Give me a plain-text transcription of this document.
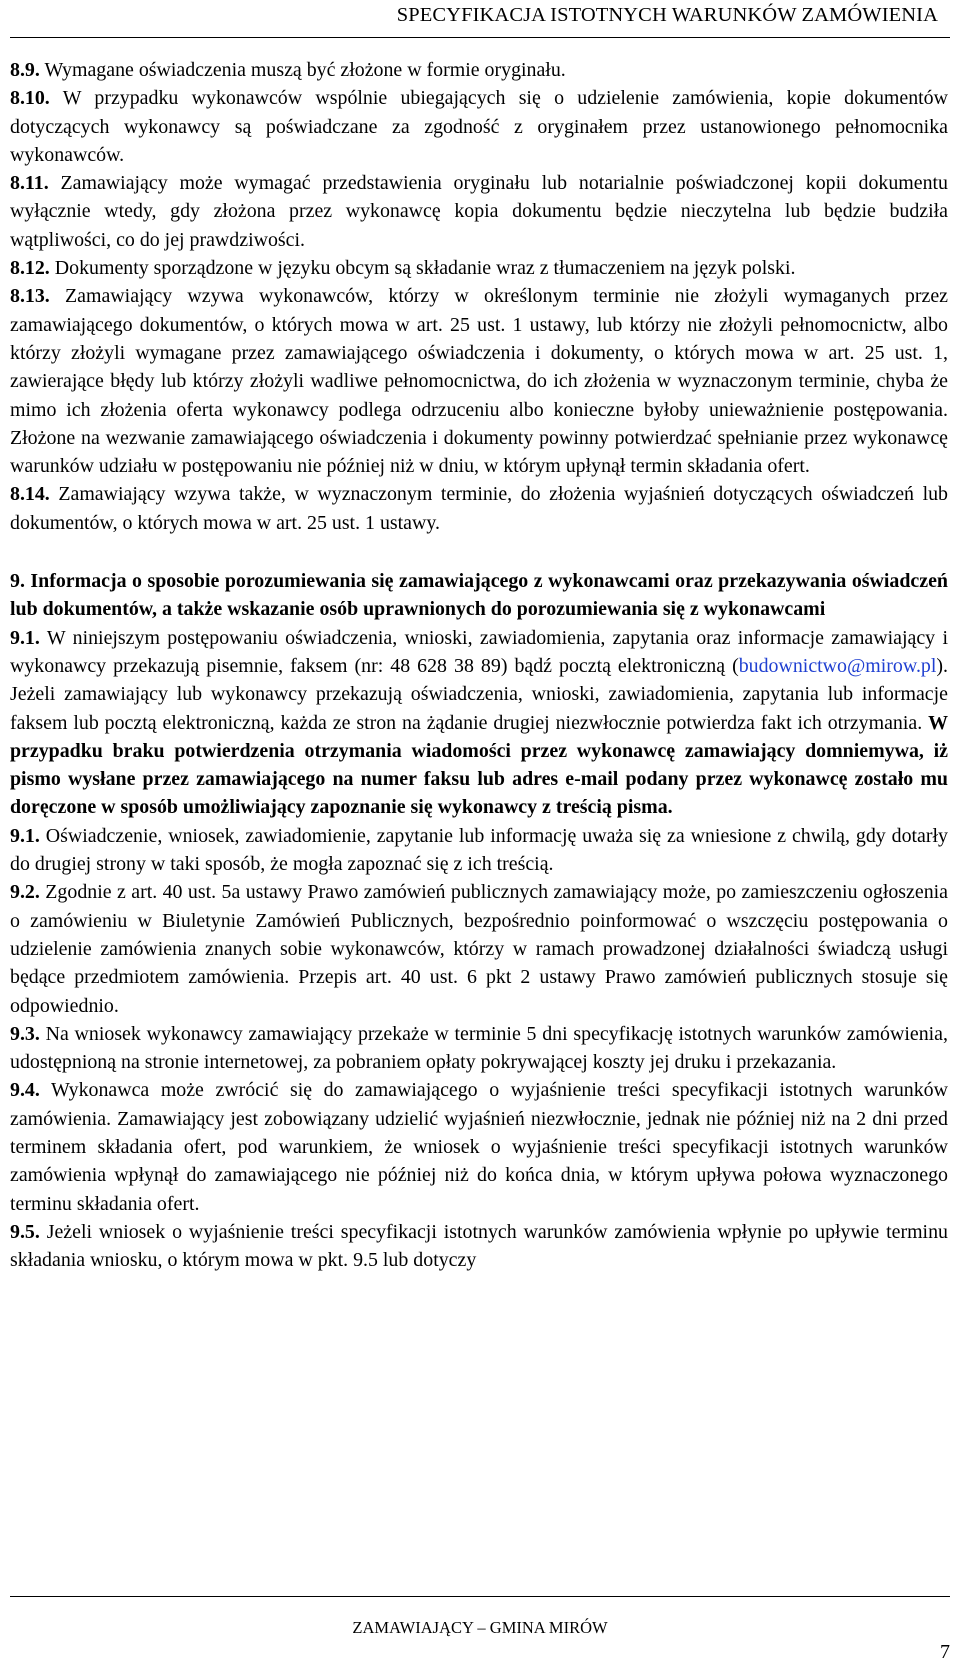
SPECYFIKACJA ISTOTNYCH WARUNKÓW ZAMÓWIENIA

8.9. Wymagane oświadczenia muszą być złożone w formie oryginału.

8.10. W przypadku wykonawców wspólnie ubiegających się o udzielenie zamówienia, kopie dokumentów dotyczących wykonawcy są poświadczane za zgodność z oryginałem przez ustanowionego pełnomocnika wykonawców.

8.11. Zamawiający może wymagać przedstawienia oryginału lub notarialnie poświadczonej kopii dokumentu wyłącznie wtedy, gdy złożona przez wykonawcę kopia dokumentu będzie nieczytelna lub będzie budziła wątpliwości, co do jej prawdziwości.

8.12. Dokumenty sporządzone w języku obcym są składanie wraz z tłumaczeniem na język polski.

8.13. Zamawiający wzywa wykonawców, którzy w określonym terminie nie złożyli wymaganych przez zamawiającego dokumentów, o których mowa w art. 25 ust. 1 ustawy, lub którzy nie złożyli pełnomocnictw, albo którzy złożyli wymagane przez zamawiającego oświadczenia i dokumenty, o których mowa w art. 25 ust. 1, zawierające błędy lub którzy złożyli wadliwe pełnomocnictwa, do ich złożenia w wyznaczonym terminie, chyba że mimo ich złożenia oferta wykonawcy podlega odrzuceniu albo konieczne byłoby unieważnienie postępowania. Złożone na wezwanie zamawiającego oświadczenia i dokumenty powinny potwierdzać spełnianie przez wykonawcę warunków udziału w postępowaniu nie później niż w dniu, w którym upłynął termin składania ofert.

8.14. Zamawiający wzywa także, w wyznaczonym terminie, do złożenia wyjaśnień dotyczących oświadczeń lub dokumentów, o których mowa w art. 25 ust. 1 ustawy.

9. Informacja o sposobie porozumiewania się zamawiającego z wykonawcami oraz przekazywania oświadczeń lub dokumentów, a także wskazanie osób uprawnionych do porozumiewania się z wykonawcami

9.1. W niniejszym postępowaniu oświadczenia, wnioski, zawiadomienia, zapytania oraz informacje zamawiający i wykonawcy przekazują pisemnie, faksem (nr: 48 628 38 89) bądź pocztą elektroniczną (budownictwo@mirow.pl). Jeżeli zamawiający lub wykonawcy przekazują oświadczenia, wnioski, zawiadomienia, zapytania lub informacje faksem lub pocztą elektroniczną, każda ze stron na żądanie drugiej niezwłocznie potwierdza fakt ich otrzymania. W przypadku braku potwierdzenia otrzymania wiadomości przez wykonawcę zamawiający domniemywa, iż pismo wysłane przez zamawiającego na numer faksu lub adres e-mail podany przez wykonawcę zostało mu doręczone w sposób umożliwiający zapoznanie się wykonawcy z treścią pisma.

9.1. Oświadczenie, wniosek, zawiadomienie, zapytanie lub informację uważa się za wniesione z chwilą, gdy dotarły do drugiej strony w taki sposób, że mogła zapoznać się z ich treścią.

9.2. Zgodnie z art. 40 ust. 5a ustawy Prawo zamówień publicznych zamawiający może, po zamieszczeniu ogłoszenia o zamówieniu w Biuletynie Zamówień Publicznych, bezpośrednio poinformować o wszczęciu postępowania o udzielenie zamówienia znanych sobie wykonawców, którzy w ramach prowadzonej działalności świadczą usługi będące przedmiotem zamówienia. Przepis art. 40 ust. 6 pkt 2 ustawy Prawo zamówień publicznych stosuje się odpowiednio.

9.3. Na wniosek wykonawcy zamawiający przekaże w terminie 5 dni specyfikację istotnych warunków zamówienia, udostępnioną na stronie internetowej, za pobraniem opłaty pokrywającej koszty jej druku i przekazania.

9.4. Wykonawca może zwrócić się do zamawiającego o wyjaśnienie treści specyfikacji istotnych warunków zamówienia. Zamawiający jest zobowiązany udzielić wyjaśnień niezwłocznie, jednak nie później niż na 2 dni przed terminem składania ofert, pod warunkiem, że wniosek o wyjaśnienie treści specyfikacji istotnych warunków zamówienia wpłynął do zamawiającego nie później niż do końca dnia, w którym upływa połowa wyznaczonego terminu składania ofert.

9.5. Jeżeli wniosek o wyjaśnienie treści specyfikacji istotnych warunków zamówienia wpłynie po upływie terminu składania wniosku, o którym mowa w pkt. 9.5 lub dotyczy

ZAMAWIAJĄCY – GMINA MIRÓW
7
